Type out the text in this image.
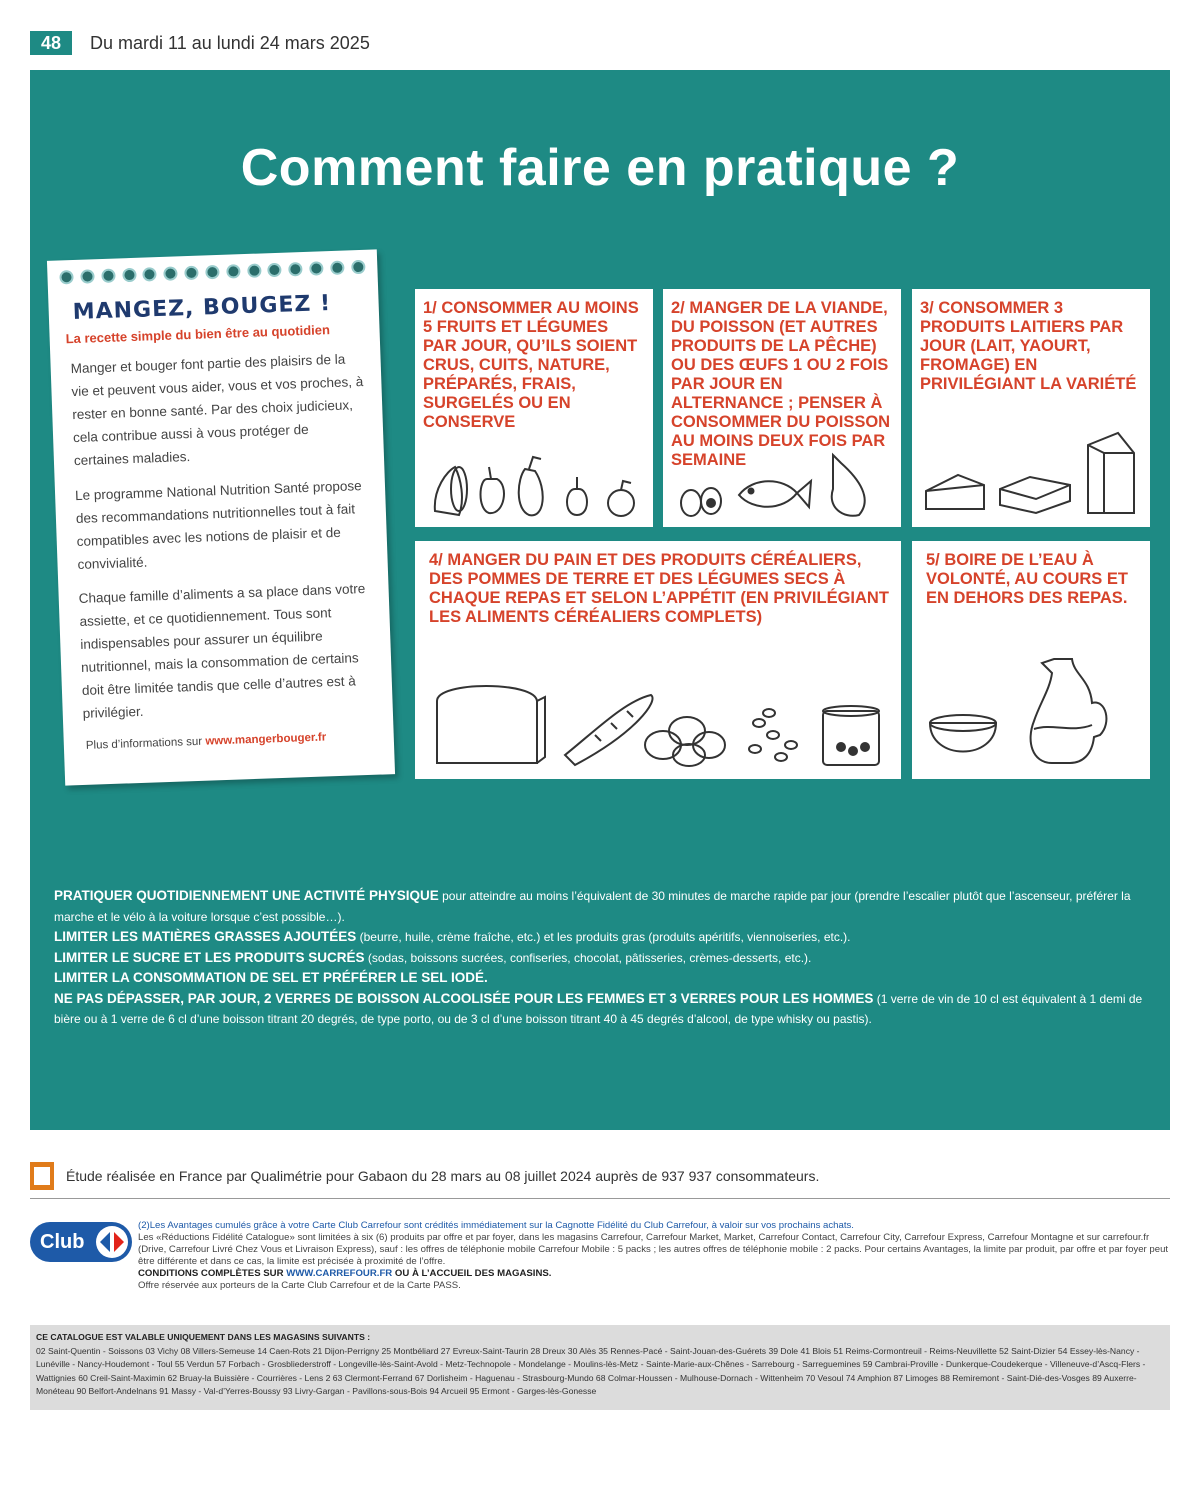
48	Du mardi 11 au lundi 24 mars 2025
Comment faire en pratique ?
MANGEZ, BOUGEZ !
La recette simple du bien être au quotidien

Manger et bouger font partie des plaisirs de la vie et peuvent vous aider, vous et vos proches, à rester en bonne santé. Par des choix judicieux, cela contribue aussi à vous protéger de certaines maladies.

Le programme National Nutrition Santé propose des recommandations nutritionnelles tout à fait compatibles avec les notions de plaisir et de convivialité.

Chaque famille d’aliments a sa place dans votre assiette, et ce quotidiennement. Tous sont indispensables pour assurer un équilibre nutritionnel, mais la consommation de certains doit être limitée tandis que celle d’autres est à privilégier.

Plus d’informations sur www.mangerbouger.fr
1/ CONSOMMER AU MOINS 5 FRUITS ET LÉGUMES PAR JOUR, QU’ILS SOIENT CRUS, CUITS, NATURE, PRÉPARÉS, FRAIS, SURGELÉS OU EN CONSERVE
2/ MANGER DE LA VIANDE, DU POISSON (ET AUTRES PRODUITS DE LA PÊCHE) OU DES ŒUFS 1 OU 2 FOIS PAR JOUR EN ALTERNANCE ; PENSER À CONSOMMER DU POISSON AU MOINS DEUX FOIS PAR SEMAINE
3/ CONSOMMER 3 PRODUITS LAITIERS PAR JOUR (LAIT, YAOURT, FROMAGE) EN PRIVILÉGIANT LA VARIÉTÉ
4/ MANGER DU PAIN ET DES PRODUITS CÉRÉALIERS, DES POMMES DE TERRE ET DES LÉGUMES SECS À CHAQUE REPAS ET SELON L’APPÉTIT (EN PRIVILÉGIANT LES ALIMENTS CÉRÉALIERS COMPLETS)
5/ BOIRE DE L’EAU À VOLONTÉ, AU COURS ET EN DEHORS DES REPAS.
PRATIQUER QUOTIDIENNEMENT UNE ACTIVITÉ PHYSIQUE pour atteindre au moins l’équivalent de 30 minutes de marche rapide par jour (prendre l’escalier plutôt que l’ascenseur, préférer la marche et le vélo à la voiture lorsque c’est possible…).
LIMITER LES MATIÈRES GRASSES AJOUTÉES (beurre, huile, crème fraîche, etc.) et les produits gras (produits apéritifs, viennoiseries, etc.).
LIMITER LE SUCRE ET LES PRODUITS SUCRÉS (sodas, boissons sucrées, confiseries, chocolat, pâtisseries, crèmes-desserts, etc.).
LIMITER LA CONSOMMATION DE SEL ET PRÉFÉRER LE SEL IODÉ.
NE PAS DÉPASSER, PAR JOUR, 2 VERRES DE BOISSON ALCOOLISÉE POUR LES FEMMES ET 3 VERRES POUR LES HOMMES (1 verre de vin de 10 cl est équivalent à 1 demi de bière ou à 1 verre de 6 cl d’une boisson titrant 20 degrés, de type porto, ou de 3 cl d’une boisson titrant 40 à 45 degrés d’alcool, de type whisky ou pastis).
Étude réalisée en France par Qualimétrie pour Gabaon du 28 mars au 08 juillet 2024 auprès de 937 937 consommateurs.
Club
(2)Les Avantages cumulés grâce à votre Carte Club Carrefour sont crédités immédiatement sur la Cagnotte Fidélité du Club Carrefour, à valoir sur vos prochains achats.
Les «Réductions Fidélité Catalogue» sont limitées à six (6) produits par offre et par foyer, dans les magasins Carrefour, Carrefour Market, Market, Carrefour Contact, Carrefour City, Carrefour Express, Carrefour Montagne et sur carrefour.fr (Drive, Carrefour Livré Chez Vous et Livraison Express), sauf : les offres de téléphonie mobile Carrefour Mobile : 5 packs ; les autres offres de téléphonie mobile : 2 packs. Pour certains Avantages, la limite par produit, par offre et par foyer peut être différente et dans ce cas, la limite est précisée à proximité de l’offre.
CONDITIONS COMPLÈTES SUR WWW.CARREFOUR.FR OU À L’ACCUEIL DES MAGASINS.
Offre réservée aux porteurs de la Carte Club Carrefour et de la Carte PASS.
CE CATALOGUE EST VALABLE UNIQUEMENT DANS LES MAGASINS SUIVANTS :
02 Saint-Quentin - Soissons 03 Vichy 08 Villers-Semeuse 14 Caen-Rots 21 Dijon-Perrigny 25 Montbéliard 27 Evreux-Saint-Taurin 28 Dreux 30 Alès 35 Rennes-Pacé - Saint-Jouan-des-Guérets 39 Dole 41 Blois 51 Reims-Cormontreuil - Reims-Neuvillette 52 Saint-Dizier 54 Essey-lès-Nancy - Lunéville - Nancy-Houdemont - Toul 55 Verdun 57 Forbach - Grosbliederstroff - Longeville-lès-Saint-Avold - Metz-Technopole - Mondelange - Moulins-lès-Metz - Sainte-Marie-aux-Chênes - Sarrebourg - Sarreguemines 59 Cambrai-Proville - Dunkerque-Coudekerque - Villeneuve-d’Ascq-Flers - Wattignies 60 Creil-Saint-Maximin 62 Bruay-la Buissière - Courrières - Lens 2 63 Clermont-Ferrand 67 Dorlisheim - Haguenau - Strasbourg-Mundo 68 Colmar-Houssen - Mulhouse-Dornach - Wittenheim 70 Vesoul 74 Amphion 87 Limoges 88 Remiremont - Saint-Dié-des-Vosges 89 Auxerre-Monéteau 90 Belfort-Andelnans 91 Massy - Val-d’Yerres-Boussy 93 Livry-Gargan - Pavillons-sous-Bois 94 Arcueil 95 Ermont - Garges-lès-Gonesse
